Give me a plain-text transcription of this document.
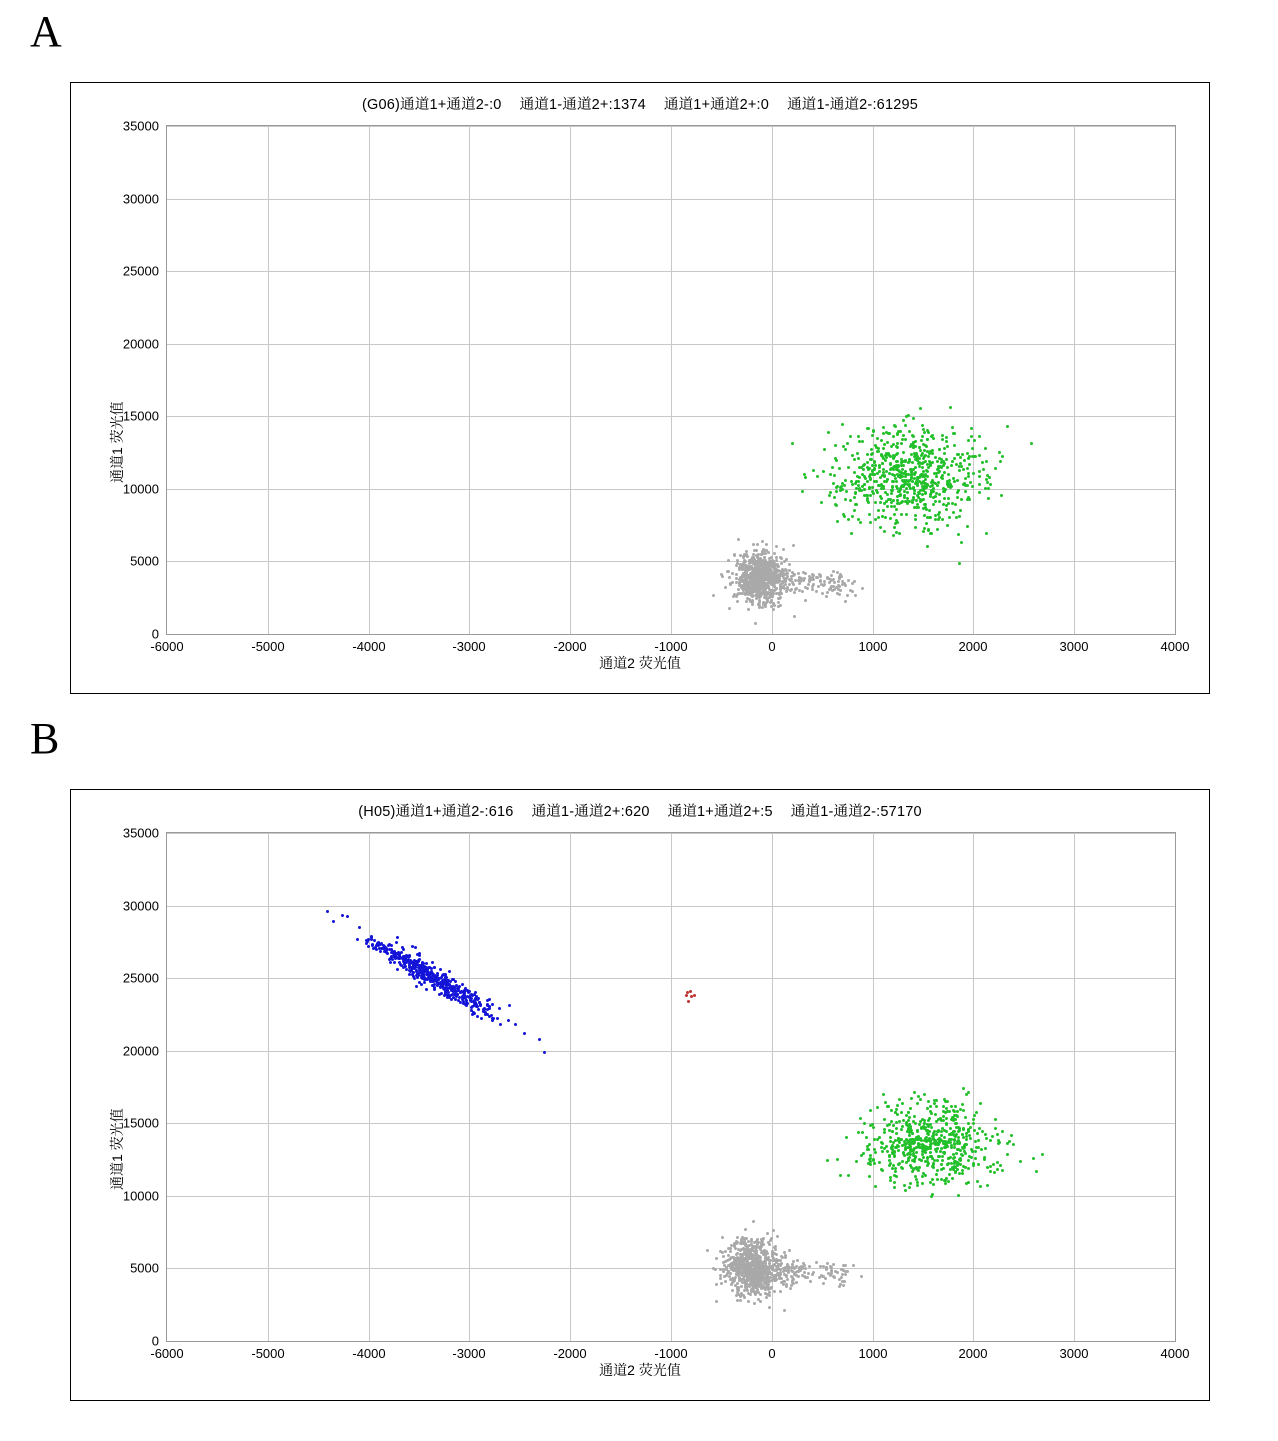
A
(G06)通道1+通道2-:0 通道1-通道2+:1374 通道1+通道2+:0 通道1-通道2-:61295
-6000	-5000	-4000	-3000	-2000	-1000	0	1000	2000	3000	4000
0
5000
10000
15000
20000
25000
30000
35000
通道2 荧光值
通道1 荧光值
B
(H05)通道1+通道2-:616 通道1-通道2+:620 通道1+通道2+:5 通道1-通道2-:57170
-6000	-5000	-4000	-3000	-2000	-1000	0	1000	2000	3000	4000
0
5000
10000
15000
20000
25000
30000
35000
通道2 荧光值
通道1 荧光值
